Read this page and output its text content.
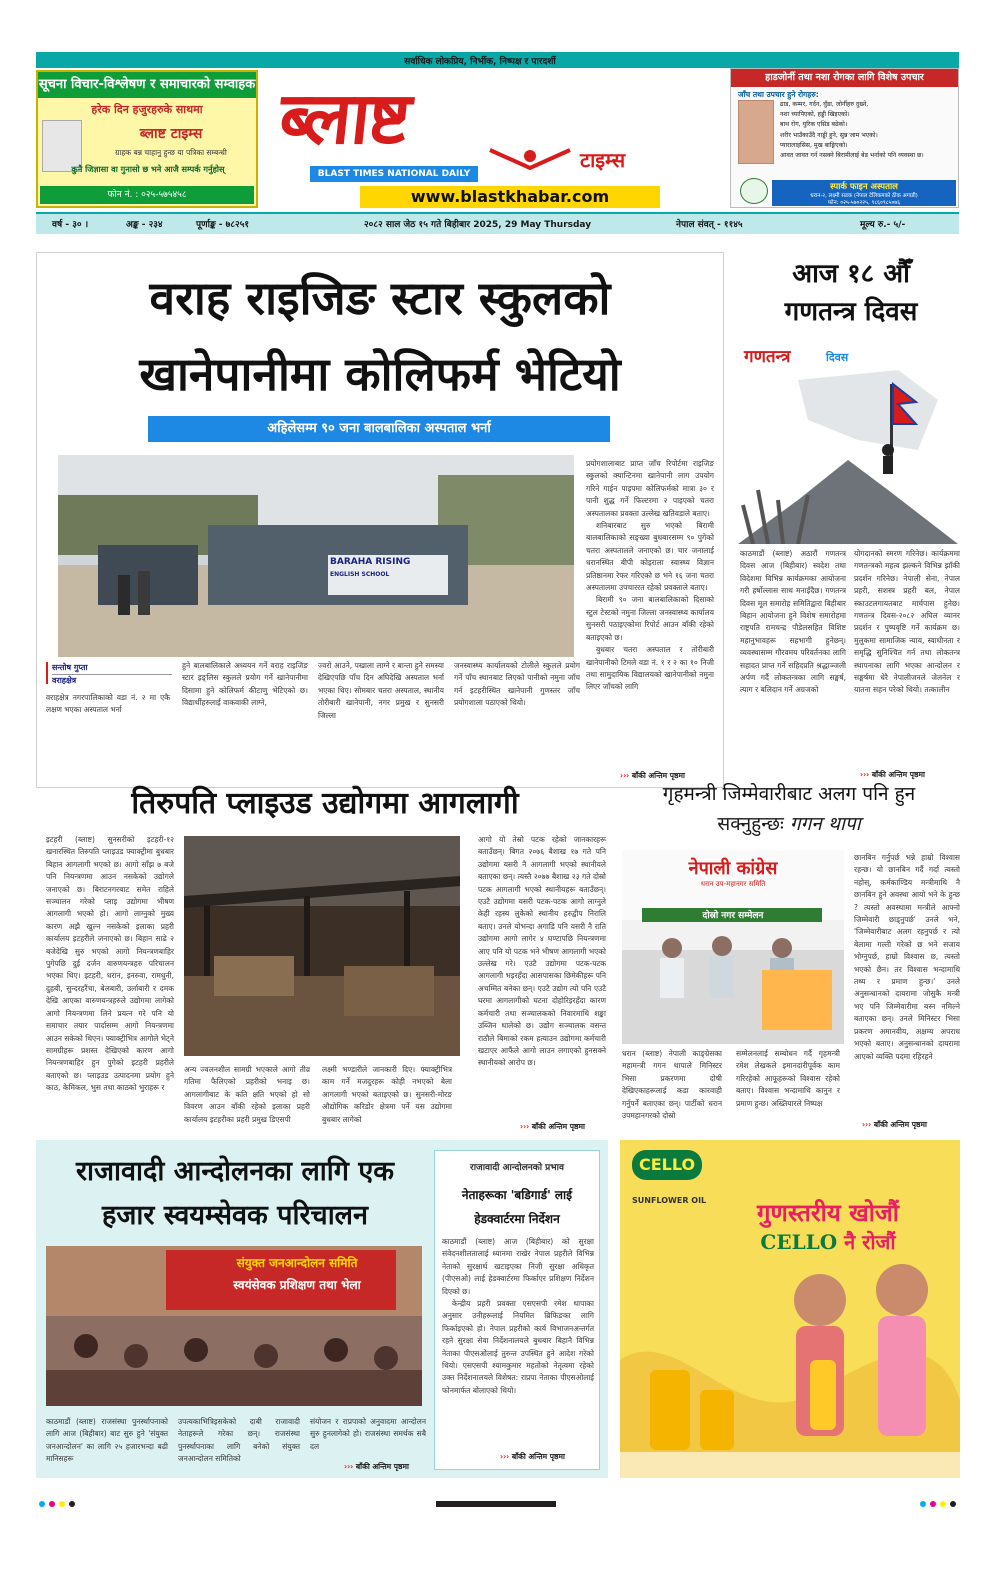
सर्वाधिक लोकप्रिय, निर्भीक, निष्पक्ष र पारदर्शी
सूचना विचार-विश्लेषण र समाचारको सम्वाहक
हरेक दिन हजुरहरुके साथमा
ब्लाष्ट टाइम्स
ग्राहक बन्न चाहानु हुन्छ या पत्रिका सम्बन्धी
कुनै जिज्ञासा वा गुनासो छ भने आजै सम्पर्क गर्नुहोस्
फोन नं. : ०२५-५७५४५८
ब्लाष्ट	टाइम्स
BLAST TIMES NATIONAL DAILY
www.blastkhabar.com
हाडजोर्नी तथा नशा रोगका लागि विशेष उपचार
जाँच तथा उपचार हुने रोगहरु:
ढाड, कम्मर, गर्दन, घुँडा, जोर्नीहरु दुख्ने,
नशा च्यापिएको, हड्डी खिइएको।
बाथ रोग, युरिक एसिड बढेको।
शरीर भाउँकाउँदै नाड्डी हुने, सुन्न जाम भएको।
प्यारालाइसिस, मुख बाङ्गिएको।
आवत जावत गर्न नसक्ने बिरामीलाई बेड भर्नाको पनि व्यवस्था छ।
स्पार्क फाइन अस्पताल
धरान-२, लक्ष्मी सडक (नेपाल टेलिकमको ठीक अगाडी)
फोन: ०२५-५७०२२५, ९८६०९८५०७६
वर्ष - ३० ।	अङ्क - २३४	पूर्णाङ्क - ७८२५१	२०८२ साल जेठ १५ गते बिहीबार 2025, 29 May Thursday	नेपाल संवत् - ११४५	मूल्य रु.- ५/-
वराह राइजिङ स्टार स्कुलको
खानेपानीमा कोलिफर्म भेटियो
अहिलेसम्म ९० जना बालबालिका अस्पताल भर्ना
BARAHA RISING
ENGLISH SCHOOL

प्रयोगशालाबाट प्राप्त जाँच रिपोर्टमा राइजिङ स्कुलको क्यान्टिनमा खानेपानी लाग उपयोग गरिने गाईन पाइपमा कोलिफर्मको मात्रा ३० र पानी शुद्ध गर्ने फिल्टरमा २ पाइएको चतरा अस्पतालका प्रवक्ता उल्लेख खतिवडाले बताए।

शनिबारबाट सुरु भएको बिरामी बालबालिकाको सङ्ख्या बुधबारसम्म ९० पुगेको चतरा अस्पतालले जनाएको छ। चार जनालाई धरानस्थित बीपी कोइराला स्वास्थ्य विज्ञान प्रतिष्ठानमा रेफर गरिएको छ भने १६ जना चतरा अस्पतालमा उपचाररत रहेको प्रवक्ताले बताए।

बिरामी ९० जना बालबालिकाको दिसाको स्टुल टेस्टको नमुना जिल्ला जनस्वास्थ्य कार्यालय सुनसरी पठाइएकोमा रिपोर्ट आउन बाँकी रहेको बताइएको छ।

बुधबार चतरा अस्पताल र तोरीबारी खानेपानीको टिमले वडा नं. १ र २ का १० निजी तथा सामुदायिक विद्यालयको खानेपानीको नमुना लिएर जाँचको लागि

सन्तोष गुप्ता
वराहक्षेत्र
वराहक्षेत्र नगरपालिकाको वडा नं. २ मा एकै लक्षण भएका अस्पताल भर्ना
हुने बालबालिकाले अध्ययन गर्ने वराह राइजिङ स्टार इङ्लिस स्कुलले प्रयोग गर्ने खानेपानीमा दिसामा हुने कोलिफर्म कीटाणु भेटिएको छ। विद्यार्थीहरुलाई वाकवाकी लाग्ने,
ज्वरो आउने, पखाला लाग्ने र बान्ता हुने समस्या देखिएपछि पाँच दिन अघिदेखि अस्पताल भर्ना भएका थिए। सोमबार चतरा अस्पताल, स्थानीय तोरीबारी खानेपानी, नगर प्रमुख र सुनसरी जिल्ला
जनस्वास्थ्य कार्यालयको टोलीले स्कुलले प्रयोग गर्ने पाँच स्थानबाट लिएको पानीको नमुना जाँच गर्न इटहरीस्थित खानेपानी गुणस्तर जाँच प्रयोगशाला पठाएको थियो।
››› बाँकी अन्तिम पृष्ठमा
आज १८ औँ
गणतन्त्र दिवस
गणतन्त्र	दिवस
काठमाडौं (ब्लाष्ट) अठारौं गणतन्त्र दिवस आज (बिहीबार) स्वदेश तथा विदेशमा विभिन्न कार्यक्रमका आयोजना गरी हर्षोल्लास साथ मनाइँदैछ। गणतन्त्र दिवस मूल समारोह समितिद्वारा बिहीबार बिहान आयोजना हुने विशेष समारोहमा राष्ट्रपति रामचन्द्र पौडेलसहित विशिष्ट महानुभावहरू सहभागी हुनेछन्। व्यवस्थासम्म गौरवमय परिवर्तनका लागि सहादत प्राप्त गर्ने सहिदप्रति श्रद्धाञ्जली अर्पण गर्दै लोकतन्त्रका लागि सङ्घर्ष, त्याग र बलिदान गर्ने अग्रजको
योगदानको स्मरण गरिनेछ। कार्यक्रममा गणतन्त्रको महत्व झल्कने विभिन्न झाँकी प्रदर्शन गरिनेछ। नेपाली सेना, नेपाल प्रहरी, सशस्त्र प्रहरी बल, नेपाल स्काउटलगायतबाट मार्चपास हुनेछ। गणतन्त्र दिवस-२०८२ अघिल व्यानर प्रदर्शन र पुष्पवृष्टि गर्ने कार्यक्रम छ। मुलुकमा सामाजिक न्याय, स्वाधीनता र समृद्धि सुनिश्चित गर्न तथा लोकतन्त्र स्थापनाका लागि भएका आन्दोलन र सङ्घर्षमा धेरै नेपालीजनले जेलनेल र यातना सहन परेको थियो। तत्कालीन
››› बाँकी अन्तिम पृष्ठमा
तिरुपति प्लाइउड उद्योगमा आगलागी
इटहरी (ब्लाष्ट) सुनसरीको इटहरी-१२ खनारस्थित तिरुपति प्लाइउड फ्याक्ट्रीमा बुधबार बिहान आगलागी भएको छ। आगो साँझ ७ बजे पनि नियन्त्रणमा आउन नसकेको उद्योगले जनाएको छ। बिराटनगरबाट समेत राहिले सञ्चालन गरेको प्लाइ उद्योगमा भीषण आगलागी भएको हो। आगो लाग्नुको मुख्य कारण अझै खुल्न नसकेको इलाका प्रहरी कार्यालय इटहरीले जनाएको छ। बिहान साढे २ बजेदेखि सुरु भएको आगो नियन्त्रणबाहिर पुगेपछि दुई दर्जन वारुणयन्त्रहरु परिचालन भएका थिए। इटहरी, धरान, इनरुवा, रामधुनी, दुहबी, सुन्दरहरैंचा, बेलबारी, उर्लाबारी र दमक देखि आएका वारुणयन्त्रहरुले उद्योगमा लागेको आगो नियन्त्रणमा लिने प्रयत्न गरे पनि यो समाचार तयार पार्दासम्म आगो नियन्त्रणमा आउन सकेको थिएन। फ्याक्ट्रीभित्र आगोले भेट्ने सामग्रीहरू प्रशस्त देखिएको कारण आगो नियन्त्रणबाहिर हुन पुगेको इटहरी प्रहरीले बताएको छ। प्लाइउड उत्पादनमा प्रयोग हुने काठ, केमिकल, भुस तथा काठको भुराहरू र
अन्य ज्वलनशील सामग्री भएकाले आगो तीव्र गतिमा फैलिएको प्रहरीको भनाइ छ। आगलागीबाट के कति क्षति भएको हो सो विवरण आउन बाँकी रहेको इलाका प्रहरी कार्यालय इटहरीका प्रहरी प्रमुख डिएसपी
लक्ष्मी भण्डारीले जानकारी दिए। फ्याक्ट्रीभित्र काम गर्ने मजदुरहरू कोही नभएको बेला आगलागी भएको बताइएको छ। सुनसरी-मोरङ औद्योगिक करिडोर क्षेत्रमा पर्ने यस उद्योगमा बुधबार लागेको
आगो यो तेस्रो पटक रहेको जानकारहरू बताउँछन्। बिगत २०७६ बैशाख १७ गते पनि उद्योगमा यसरी नै आगलागी भएको स्थानीयले बताएका छन्। त्यस्तै २०७७ बैशाख २३ गते दोस्रो पटक आगलागी भएको स्थानीयहरू बताउँछन्। एउटै उद्योगमा यसरी पटक-पटक आगो लाग्नुले केही रहस्य लुकेको स्थानीय हरुद्वीप निरालि बताए। उनले योभन्दा अगाडि पनि यसरी नै राति उद्योगमा आगो लागेर ४ घण्टापछि नियन्त्रणमा आए पनि यो पटक भने भीषण आगलागी भएको उल्लेख गरे। एउटै उद्योगमा पटक-पटक आगलागी भइरहँदा आसपासका छिमेकीहरू पनि अचम्मित बनेका छन्। एउटै उद्योग त्यो पनि एउटै घरमा आगलागीको घटना दोहोरिइरहँदा कारण कर्मचारी तथा सञ्चालकको निवारमाथि शङ्का उब्जिन थालेको छ। उद्योग सञ्चालक वसन्त राठौले बिमाको रकम हत्याउन उद्योगमा कर्मचारी खटाएर आफैंले आगो लाउन लगाएको हुनसक्ने स्थानीयको आरोप छ।
››› बाँकी अन्तिम पृष्ठमा
गृहमन्त्री जिम्मेवारीबाट अलग पनि हुन
सक्नुहुन्छः गगन थापा
नेपाली कांग्रेस
धरान उप-महानगर समिति
दोस्रो नगर सम्मेलन
धरान (ब्लाष्ट) नेपाली काङ्ग्रेसका महामन्त्री गगन थापाले मिनिस्टर भिसा प्रकरणमा दोषी देखिएकाहरूलाई कडा कारवाही गर्नुपर्ने बताएका छन्। पार्टीको धरान उपमहानगरको दोस्रो
सम्मेलनलाई सम्बोधन गर्दै गृहमन्त्री रमेश लेखकले इमानदारीपूर्वक काम गरिरहेको आफूहरूको विश्वास रहेको बताए। विश्वास भन्दामाथि कानुन र प्रमाण हुन्छ। अख्तियारले निष्पक्ष
छानबिन गर्नुपर्छ भन्ने हाम्रो विश्वास रहन्छ। यो छानबिन गर्दै गर्दा त्यस्तो नहोस्, कर्मकाण्डिय मन्त्रीमाथि नै छानबिन हुने अवस्था आयो भने के हुन्छ ? त्यस्तो अवस्थामा मन्त्रीले आफ्नो जिम्मेवारी छाड्नुपर्छ' उनले भने, 'जिम्मेवारीबाट अलग रहनुपर्छ र त्यो बेलामा गल्ती गरेको छ भने सजाय भोग्नुपर्छ, हाम्रो विश्वास छ, त्यस्तो भएको छैन। तर विश्वास भन्दामाथि तथ्य र प्रमाण हुन्छ।' उनले अनुसन्धानको दायरामा जोसुकै मन्त्री भए पनि जिम्मेवारीमा बस्न नमिल्ने बताएका छन्। उनले मिनिस्टर भिसा प्रकरण अमानवीय, अक्षम्य अपराध भएको बताए। अनुसन्धानको दायरामा आएको व्यक्ति पदमा रहिरहने
››› बाँकी अन्तिम पृष्ठमा
राजावादी आन्दोलनका लागि एक
हजार स्वयम्सेवक परिचालन
संयुक्त जनआन्दोलन समिति
स्वयंसेवक प्रशिक्षण तथा भेला
काठमाडौं (ब्लाष्ट) राजसंस्था पुनर्स्थापनाको लागि आज (बिहीबार) बाट सुरु हुने 'संयुक्त जनआन्दोलन' का लागि २५ हजारभन्दा बढी मानिसहरू
उपत्यकाभित्रिइसकेको दाबी राजावादी नेताहरूले गरेका छन्। राजसंस्था पुनर्स्थापनाका लागि बनेको संयुक्त जनआन्दोलन समितिको
संयोजन र राप्रपाको अनुवादमा आन्दोलन सुरु हुनलागेको हो। राजसंस्था समर्थक सबै दल
››› बाँकी अन्तिम पृष्ठमा
राजावादी आन्दोलनको प्रभाव
नेताहरूका 'बडिगार्ड' लाई
हेडक्वार्टरमा निर्देशन

काठमाडौं (ब्लाष्ट) आज (बिहीबार) को सुरक्षा संवेदनशीलतालाई ध्यानमा राखेर नेपाल प्रहरीले विभिन्न नेताको सुरक्षार्थ खटाइएका निजी सुरक्षा अधिकृत (पीएसओ) लाई हेडक्वार्टरमा फिर्काएर प्रशिक्षण निर्देशन दिएको छ।

केन्द्रीय प्रहरी प्रवक्ता एसएसपी रमेश थापाका अनुसार उनीहरूलाई नियमित ब्रिफिङका लागि फिर्काइएको हो। नेपाल प्रहरीको कार्य विभाजनअन्तर्गत रहने सुरक्षा सेवा निर्देशनालयले बुधबार बिहानै विभिन्न नेताका पीएसओलाई तुरुन्त उपस्थित हुने आदेश गरेको थियो। एसएसपी श्यामकुमार महतोको नेतृत्वमा रहेको उक्त निर्देशनालयले विशेषत: राप्रपा नेताका पीएसओलाई फोनमार्फत बोलाएको थियो।

››› बाँकी अन्तिम पृष्ठमा
CELLO
SUNFLOWER OIL	गुणस्तरीय खोजौं
CELLO नै रोजौं
